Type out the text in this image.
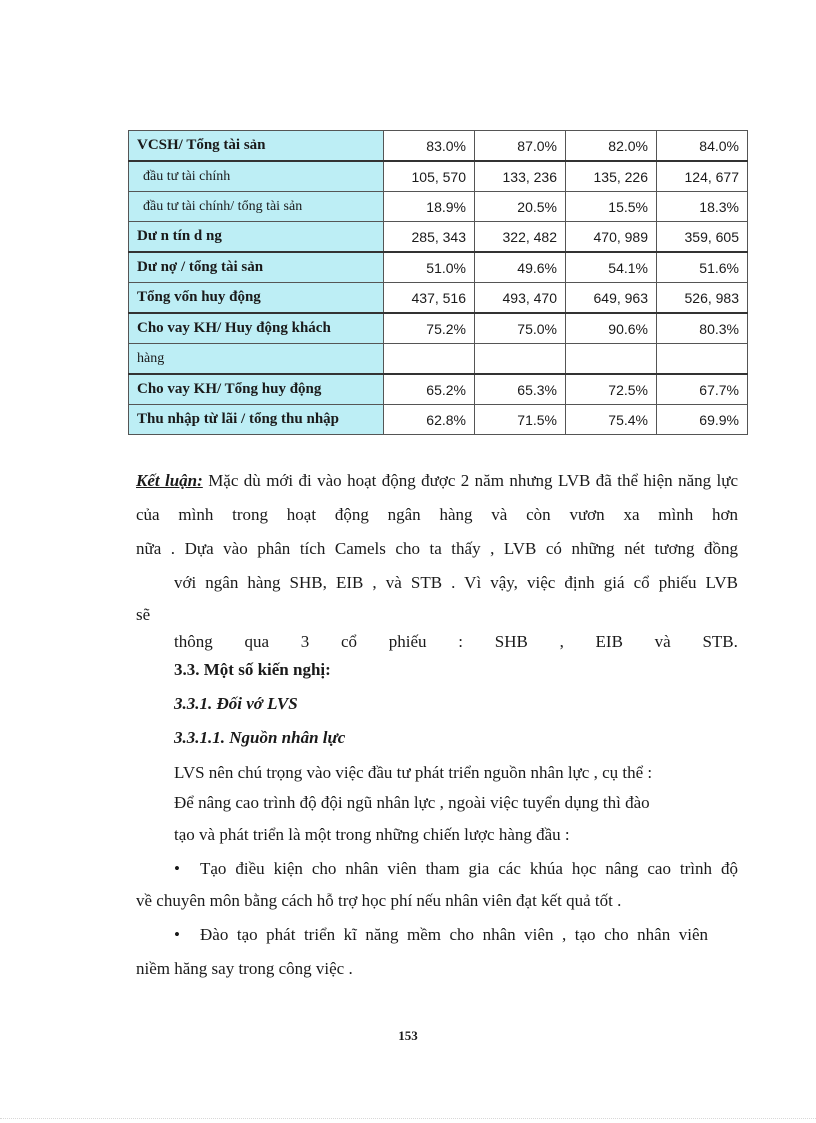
VCSH/ Tổng tài sản	83.0%	87.0%	82.0%	84.0%
đầu tư tài chính	105, 570	133, 236	135, 226	124, 677
đầu tư tài chính/ tổng tài sản	18.9%	20.5%	15.5%	18.3%
Dư n tín d ng	285, 343	322, 482	470, 989	359, 605
Dư nợ / tổng tài sản	51.0%	49.6%	54.1%	51.6%
Tổng vốn huy động	437, 516	493, 470	649, 963	526, 983
Cho vay KH/ Huy động khách	75.2%	75.0%	90.6%	80.3%
hàng				
Cho vay KH/ Tổng huy động	65.2%	65.3%	72.5%	67.7%
Thu nhập từ lãi / tổng thu nhập	62.8%	71.5%	75.4%	69.9%

Kết luận: Mặc dù mới đi vào hoạt động được 2 năm nhưng LVB đã thể hiện năng lực của mình trong hoạt động ngân hàng và còn vươn xa mình hơn

nữa . Dựa vào phân tích Camels cho ta thấy , LVB có những nét tương đồng

với ngân hàng SHB, EIB , và STB . Vì vậy, việc định giá cổ phiếu LVB

sẽ

thông qua 3 cổ phiếu : SHB , EIB và STB.

3.3. Một số kiến nghị:
3.3.1. Đối vớ LVS
3.3.1.1. Nguồn nhân lực
LVS nên chú trọng vào việc đầu tư phát triển nguồn nhân lực , cụ thể :
Để nâng cao trình độ đội ngũ nhân lực , ngoài việc tuyển dụng thì đào
tạo và phát triển là một trong những chiến lược hàng đầu :
• Tạo điều kiện cho nhân viên tham gia các khúa học nâng cao trình độ
về chuyên môn bằng cách hỗ trợ học phí nếu nhân viên đạt kết quả tốt .
• Đào tạo phát triển kĩ năng mềm cho nhân viên , tạo cho nhân viên
niềm hăng say trong công việc .
153
